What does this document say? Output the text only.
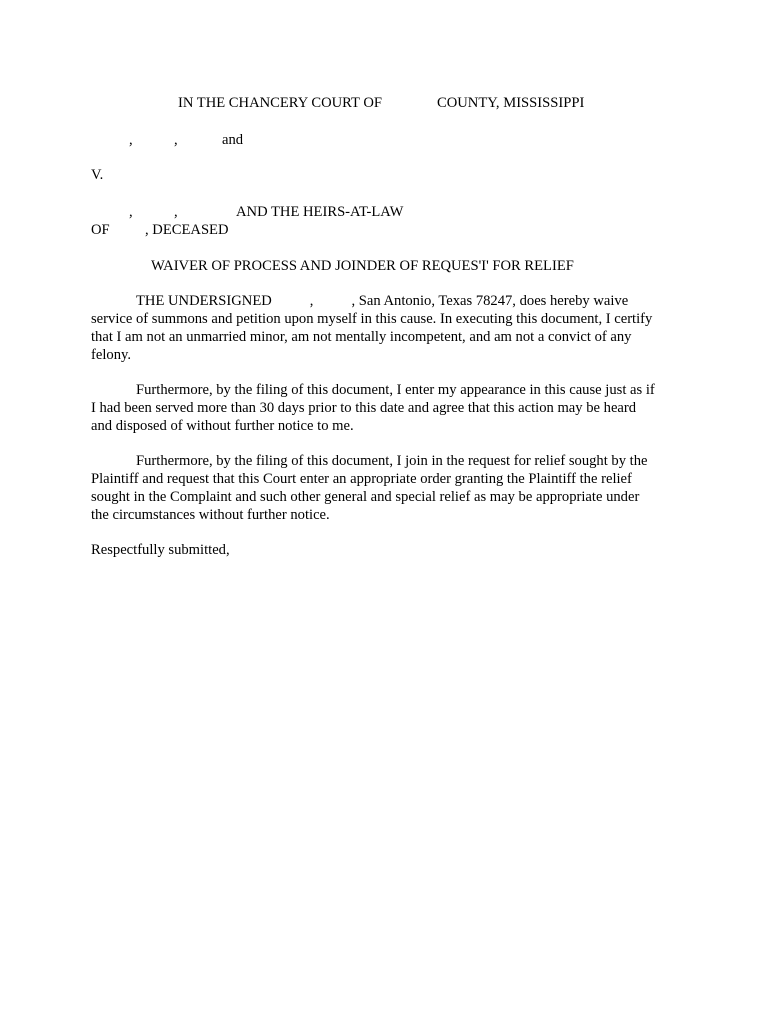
IN THE CHANCERY COURT OF	COUNTY, MISSISSIPPI
,	,	and
V.
,	,	AND THE HEIRS-AT-LAW
OF , DECEASED
WAIVER OF PROCESS AND JOINDER OF REQUES'I' FOR RELIEF
THE UNDERSIGNED	,	, San Antonio, Texas 78247, does hereby waive
service of summons and petition upon myself in this cause. In executing this document, I certify
that I am not an unmarried minor, am not mentally incompetent, and am not a convict of any
felony.
Furthermore, by the filing of this document, I enter my appearance in this cause just as if
I had been served more than 30 days prior to this date and agree that this action may be heard
and disposed of without further notice to me.
Furthermore, by the filing of this document, I join in the request for relief sought by the
Plaintiff and request that this Court enter an appropriate order granting the Plaintiff the relief
sought in the Complaint and such other general and special relief as may be appropriate under
the circumstances without further notice.
Respectfully submitted,
